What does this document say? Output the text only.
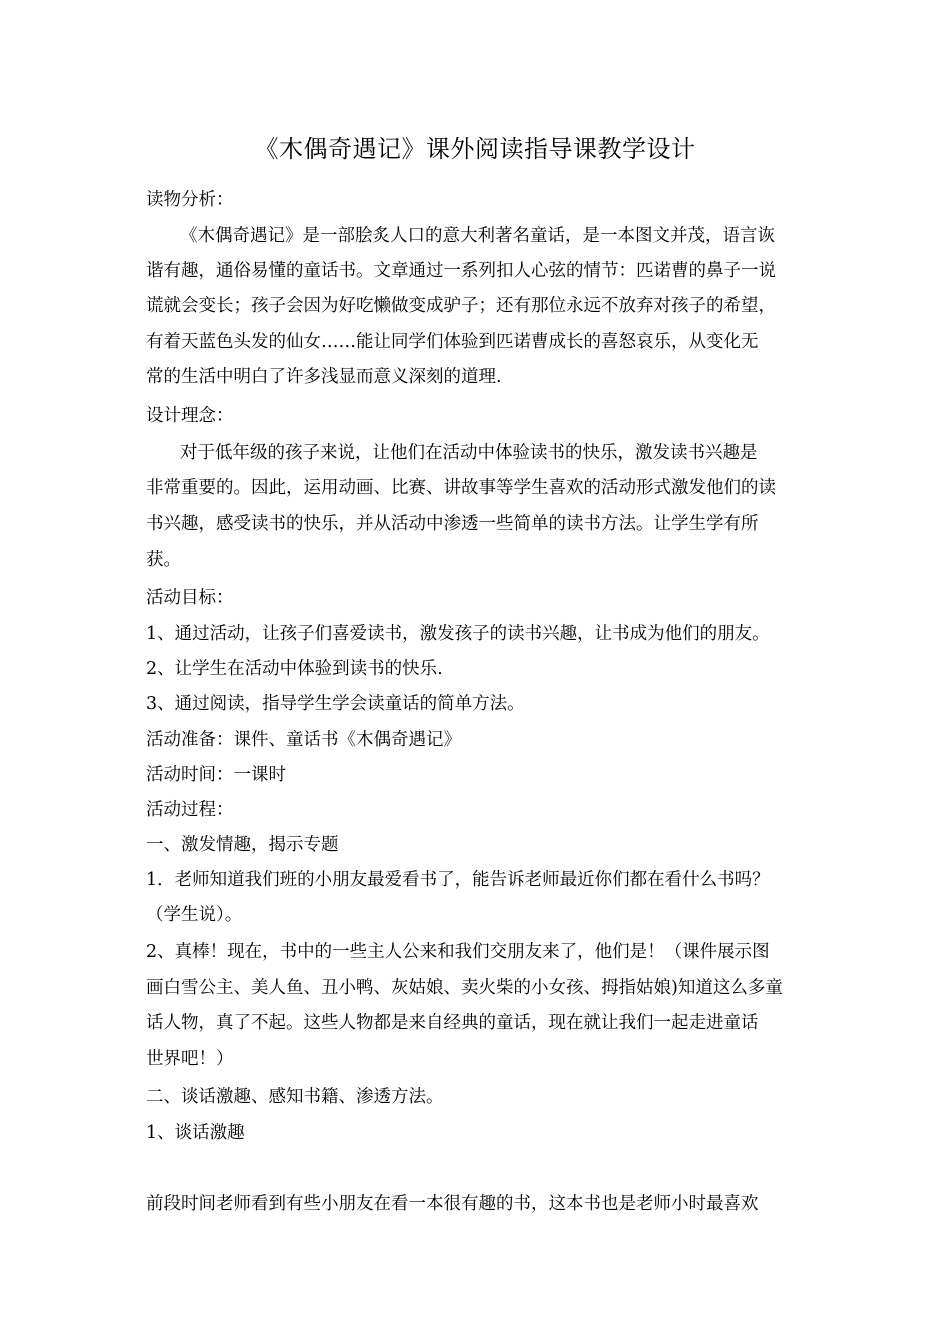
《木偶奇遇记》课外阅读指导课教学设计
读物分析：
《木偶奇遇记》是一部脍炙人口的意大利著名童话，是一本图文并茂，语言诙
谐有趣，通俗易懂的童话书。文章通过一系列扣人心弦的情节：匹诺曹的鼻子一说
谎就会变长；孩子会因为好吃懒做变成驴子；还有那位永远不放弃对孩子的希望，
有着天蓝色头发的仙女……能让同学们体验到匹诺曹成长的喜怒哀乐，从变化无
常的生活中明白了许多浅显而意义深刻的道理.
设计理念：
对于低年级的孩子来说，让他们在活动中体验读书的快乐，激发读书兴趣是
非常重要的。因此，运用动画、比赛、讲故事等学生喜欢的活动形式激发他们的读
书兴趣，感受读书的快乐，并从活动中渗透一些简单的读书方法。让学生学有所
获。
活动目标：
1、通过活动，让孩子们喜爱读书，激发孩子的读书兴趣，让书成为他们的朋友。
2、让学生在活动中体验到读书的快乐.
3、通过阅读，指导学生学会读童话的简单方法。
活动准备：课件、童话书《木偶奇遇记》
活动时间：一课时
活动过程：
一、激发情趣，揭示专题
1．老师知道我们班的小朋友最爱看书了，能告诉老师最近你们都在看什么书吗？
（学生说）。
2、真棒！现在，书中的一些主人公来和我们交朋友来了，他们是！（课件展示图
画白雪公主、美人鱼、丑小鸭、灰姑娘、卖火柴的小女孩、拇指姑娘)知道这么多童
话人物，真了不起。这些人物都是来自经典的童话，现在就让我们一起走进童话
世界吧！）
二、谈话激趣、感知书籍、渗透方法。
1、谈话激趣
前段时间老师看到有些小朋友在看一本很有趣的书，这本书也是老师小时最喜欢
